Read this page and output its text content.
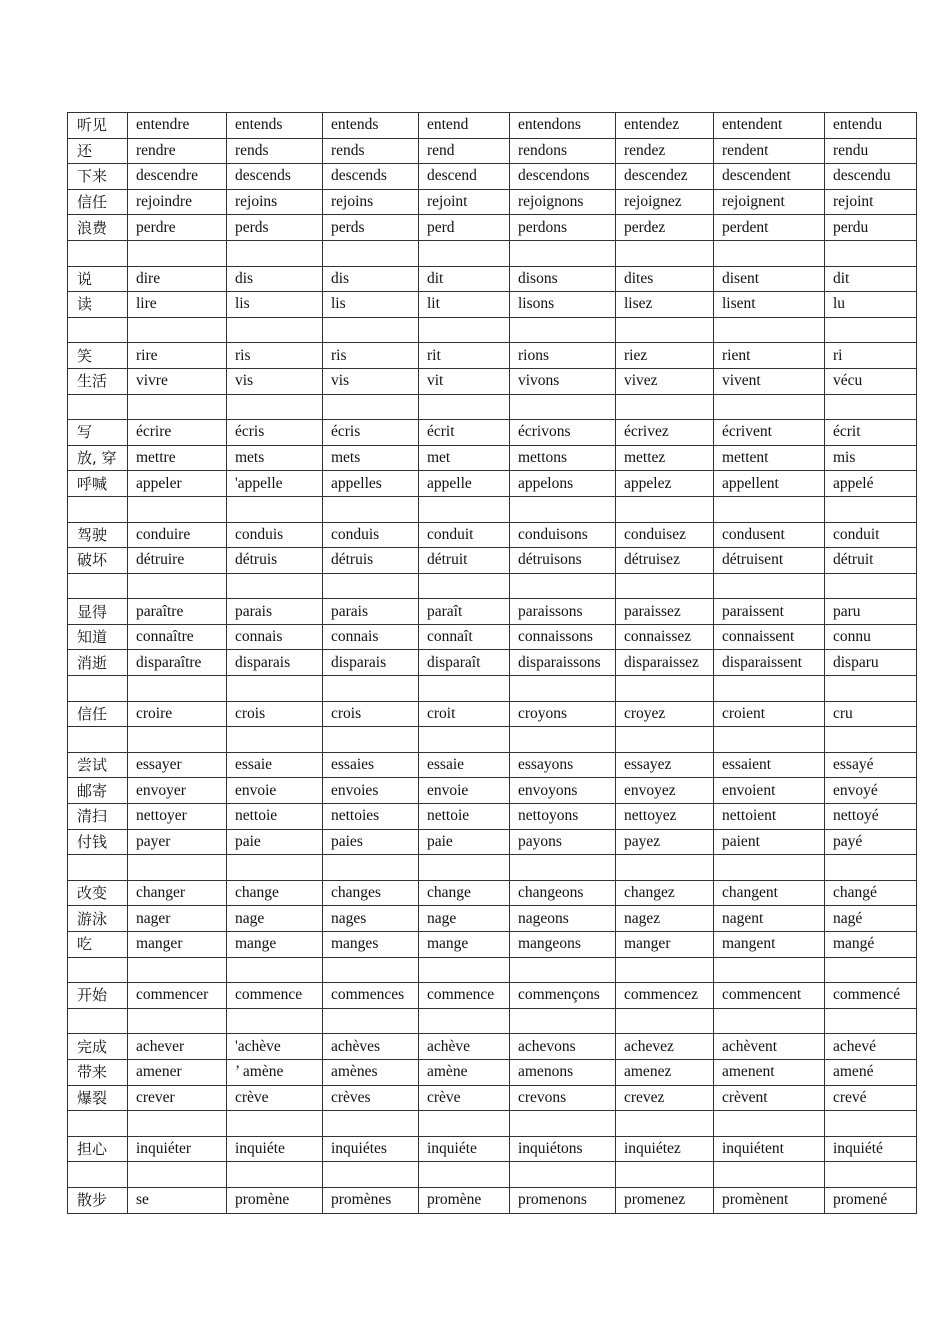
听见	entendre	entends	entends	entend	entendons	entendez	entendent	entendu
还	rendre	rends	rends	rend	rendons	rendez	rendent	rendu
下来	descendre	descends	descends	descend	descendons	descendez	descendent	descendu
信任	rejoindre	rejoins	rejoins	rejoint	rejoignons	rejoignez	rejoignent	rejoint
浪费	perdre	perds	perds	perd	perdons	perdez	perdent	perdu

说	dire	dis	dis	dit	disons	dites	disent	dit
读	lire	lis	lis	lit	lisons	lisez	lisent	lu

笑	rire	ris	ris	rit	rions	riez	rient	ri
生活	vivre	vis	vis	vit	vivons	vivez	vivent	vécu

写	écrire	écris	écris	écrit	écrivons	écrivez	écrivent	écrit
放, 穿	mettre	mets	mets	met	mettons	mettez	mettent	mis
呼喊	appeler	'appelle	appelles	appelle	appelons	appelez	appellent	appelé

驾驶	conduire	conduis	conduis	conduit	conduisons	conduisez	condusent	conduit
破坏	détruire	détruis	détruis	détruit	détruisons	détruisez	détruisent	détruit

显得	paraître	parais	parais	paraît	paraissons	paraissez	paraissent	paru
知道	connaître	connais	connais	connaît	connaissons	connaissez	connaissent	connu
消逝	disparaître	disparais	disparais	disparaît	disparaissons	disparaissez	disparaissent	disparu

信任	croire	crois	crois	croit	croyons	croyez	croient	cru

尝试	essayer	essaie	essaies	essaie	essayons	essayez	essaient	essayé
邮寄	envoyer	envoie	envoies	envoie	envoyons	envoyez	envoient	envoyé
清扫	nettoyer	nettoie	nettoies	nettoie	nettoyons	nettoyez	nettoient	nettoyé
付钱	payer	paie	paies	paie	payons	payez	paient	payé

改变	changer	change	changes	change	changeons	changez	changent	changé
游泳	nager	nage	nages	nage	nageons	nagez	nagent	nagé
吃	manger	mange	manges	mange	mangeons	manger	mangent	mangé

开始	commencer	commence	commences	commence	commençons	commencez	commencent	commencé

完成	achever	'achève	achèves	achève	achevons	achevez	achèvent	achevé
带来	amener	’ amène	amènes	amène	amenons	amenez	amenent	amené
爆裂	crever	crève	crèves	crève	crevons	crevez	crèvent	crevé

担心	inquiéter	inquiéte	inquiétes	inquiéte	inquiétons	inquiétez	inquiétent	inquiété

散步	se	promène	promènes	promène	promenons	promenez	promènent	promené
